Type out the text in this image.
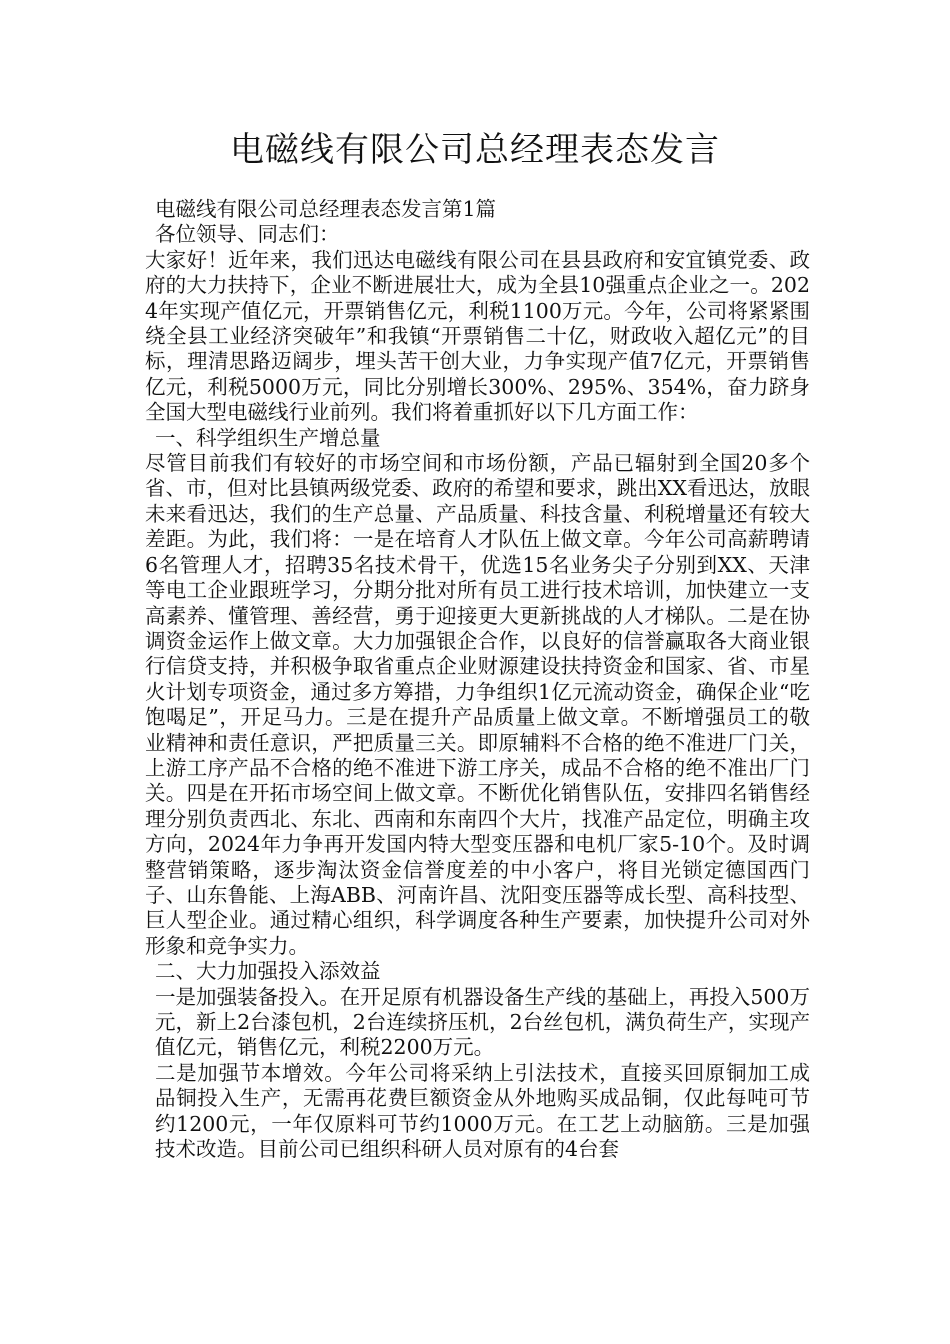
电磁线有限公司总经理表态发言

电磁线有限公司总经理表态发言第1篇

各位领导、同志们：

大家好！近年来，我们迅达电磁线有限公司在县县政府和安宜镇党委、政府的大力扶持下，企业不断进展壮大，成为全县10强重点企业之一。2024年实现产值亿元，开票销售亿元，利税1100万元。今年，公司将紧紧围绕全县工业经济突破年”和我镇“开票销售二十亿，财政收入超亿元”的目标，理清思路迈阔步，埋头苦干创大业，力争实现产值7亿元，开票销售亿元，利税5000万元，同比分别增长300%、295%、354%，奋力跻身全国大型电磁线行业前列。我们将着重抓好以下几方面工作：

一、科学组织生产增总量

尽管目前我们有较好的市场空间和市场份额，产品已辐射到全国20多个省、市，但对比县镇两级党委、政府的希望和要求，跳出XX看迅达，放眼未来看迅达，我们的生产总量、产品质量、科技含量、利税增量还有较大差距。为此，我们将：一是在培育人才队伍上做文章。今年公司高薪聘请6名管理人才，招聘35名技术骨干，优选15名业务尖子分别到XX、天津等电工企业跟班学习，分期分批对所有员工进行技术培训，加快建立一支高素养、懂管理、善经营，勇于迎接更大更新挑战的人才梯队。二是在协调资金运作上做文章。大力加强银企合作，以良好的信誉赢取各大商业银行信贷支持，并积极争取省重点企业财源建设扶持资金和国家、省、市星火计划专项资金，通过多方筹措，力争组织1亿元流动资金，确保企业“吃饱喝足”，开足马力。三是在提升产品质量上做文章。不断增强员工的敬业精神和责任意识，严把质量三关。即原辅料不合格的绝不准进厂门关，上游工序产品不合格的绝不准进下游工序关，成品不合格的绝不准出厂门关。四是在开拓市场空间上做文章。不断优化销售队伍，安排四名销售经理分别负责西北、东北、西南和东南四个大片，找准产品定位，明确主攻方向，2024年力争再开发国内特大型变压器和电机厂家5-10个。及时调整营销策略，逐步淘汰资金信誉度差的中小客户，将目光锁定德国西门子、山东鲁能、上海ABB、河南许昌、沈阳变压器等成长型、高科技型、巨人型企业。通过精心组织，科学调度各种生产要素，加快提升公司对外形象和竞争实力。

二、大力加强投入添效益

一是加强装备投入。在开足原有机器设备生产线的基础上，再投入500万元，新上2台漆包机，2台连续挤压机，2台丝包机，满负荷生产，实现产值亿元，销售亿元，利税2200万元。

二是加强节本增效。今年公司将采纳上引法技术，直接买回原铜加工成品铜投入生产，无需再花费巨额资金从外地购买成品铜，仅此每吨可节约1200元，一年仅原料可节约1000万元。在工艺上动脑筋。三是加强技术改造。目前公司已组织科研人员对原有的4台套
